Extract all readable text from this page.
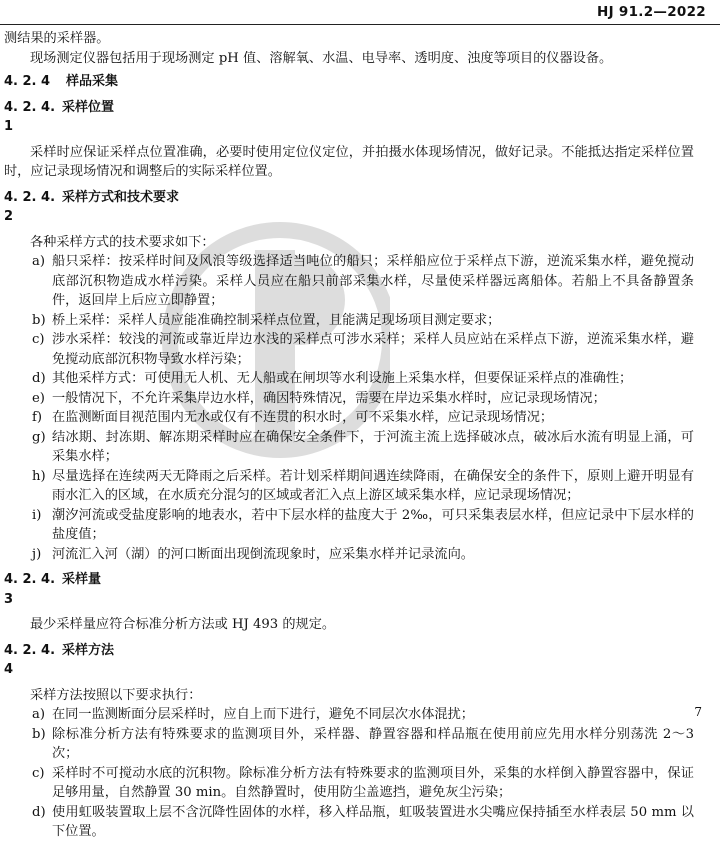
HJ 91.2—2022

测结果的采样器。

现场测定仪器包括用于现场测定 pH 值、溶解氧、水温、电导率、透明度、浊度等项目的仪器设备。

4. 2. 4	样品采集
4. 2. 4. 1
采样位置

采样时应保证采样点位置准确，必要时使用定位仪定位，并拍摄水体现场情况，做好记录。不能抵达指定采样位置时，应记录现场情况和调整后的实际采样位置。

4. 2. 4. 2
采样方式和技术要求

各种采样方式的技术要求如下：

a) 船只采样：按采样时间及风浪等级选择适当吨位的船只；采样船应位于采样点下游，逆流采集水样，避免搅动底部沉积物造成水样污染。采样人员应在船只前部采集水样，尽量使采样器远离船体。若船上不具备静置条件，返回岸上后应立即静置；
b) 桥上采样：采样人员应能准确控制采样点位置，且能满足现场项目测定要求；
c) 涉水采样：较浅的河流或靠近岸边水浅的采样点可涉水采样；采样人员应站在采样点下游，逆流采集水样，避免搅动底部沉积物导致水样污染；
d) 其他采样方式：可使用无人机、无人船或在闸坝等水利设施上采集水样，但要保证采样点的准确性；
e) 一般情况下，不允许采集岸边水样，确因特殊情况，需要在岸边采集水样时，应记录现场情况；
f) 在监测断面目视范围内无水或仅有不连贯的积水时，可不采集水样，应记录现场情况；
g) 结冰期、封冻期、解冻期采样时应在确保安全条件下，于河流主流上选择破冰点，破冰后水流有明显上涌，可采集水样；
h) 尽量选择在连续两天无降雨之后采样。若计划采样期间遇连续降雨，在确保安全的条件下，原则上避开明显有雨水汇入的区域，在水质充分混匀的区域或者汇入点上游区域采集水样，应记录现场情况；
i) 潮汐河流或受盐度影响的地表水，若中下层水样的盐度大于 2‰，可只采集表层水样，但应记录中下层水样的盐度值；
j) 河流汇入河（湖）的河口断面出现倒流现象时，应采集水样并记录流向。
4. 2. 4. 3
采样量

最少采样量应符合标准分析方法或 HJ 493 的规定。

4. 2. 4. 4
采样方法

采样方法按照以下要求执行：

a) 在同一监测断面分层采样时，应自上而下进行，避免不同层次水体混扰；
b) 除标准分析方法有特殊要求的监测项目外，采样器、静置容器和样品瓶在使用前应先用水样分别荡洗 2～3 次；
c) 采样时不可搅动水底的沉积物。除标准分析方法有特殊要求的监测项目外，采集的水样倒入静置容器中，保证足够用量，自然静置 30 min。自然静置时，使用防尘盖遮挡，避免灰尘污染；
d) 使用虹吸装置取上层不含沉降性固体的水样，移入样品瓶，虹吸装置进水尖嘴应保持插至水样表层 50 mm 以下位置。
7
